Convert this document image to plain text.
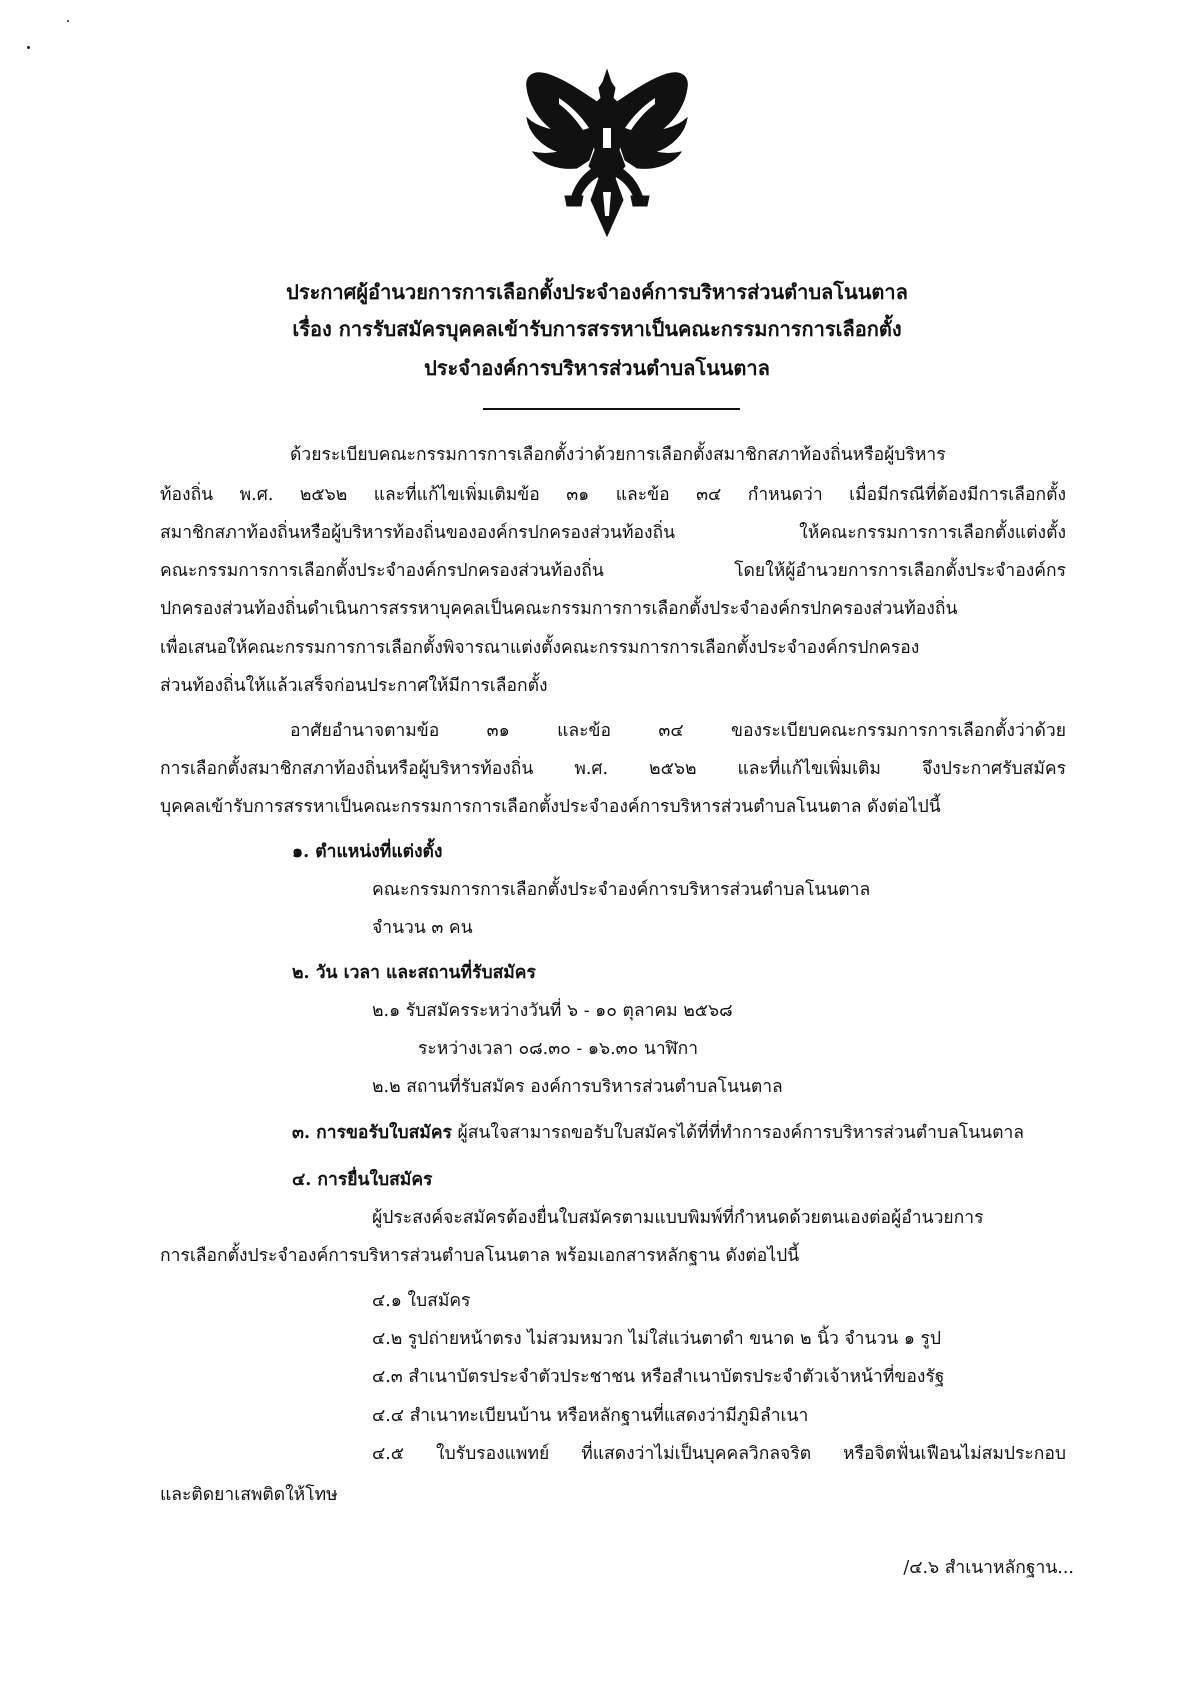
ประกาศผู้อำนวยการการเลือกตั้งประจำองค์การบริหารส่วนตำบลโนนตาล
เรื่อง การรับสมัครบุคคลเข้ารับการสรรหาเป็นคณะกรรมการการเลือกตั้ง
ประจำองค์การบริหารส่วนตำบลโนนตาล
ด้วยระเบียบคณะกรรมการการเลือกตั้งว่าด้วยการเลือกตั้งสมาชิกสภาท้องถิ่นหรือผู้บริหาร
ท้องถิ่น พ.ศ. ๒๕๖๒ และที่แก้ไขเพิ่มเติมข้อ ๓๑ และข้อ ๓๔ กำหนดว่า เมื่อมีกรณีที่ต้องมีการเลือกตั้ง
สมาชิกสภาท้องถิ่นหรือผู้บริหารท้องถิ่นขององค์กรปกครองส่วนท้องถิ่น ให้คณะกรรมการการเลือกตั้งแต่งตั้ง
คณะกรรมการการเลือกตั้งประจำองค์กรปกครองส่วนท้องถิ่น โดยให้ผู้อำนวยการการเลือกตั้งประจำองค์กร
ปกครองส่วนท้องถิ่นดำเนินการสรรหาบุคคลเป็นคณะกรรมการการเลือกตั้งประจำองค์กรปกครองส่วนท้องถิ่น
เพื่อเสนอให้คณะกรรมการการเลือกตั้งพิจารณาแต่งตั้งคณะกรรมการการเลือกตั้งประจำองค์กรปกครอง
ส่วนท้องถิ่นให้แล้วเสร็จก่อนประกาศให้มีการเลือกตั้ง
อาศัยอำนาจตามข้อ ๓๑ และข้อ ๓๔ ของระเบียบคณะกรรมการการเลือกตั้งว่าด้วย
การเลือกตั้งสมาชิกสภาท้องถิ่นหรือผู้บริหารท้องถิ่น พ.ศ. ๒๕๖๒ และที่แก้ไขเพิ่มเติม จึงประกาศรับสมัคร
บุคคลเข้ารับการสรรหาเป็นคณะกรรมการการเลือกตั้งประจำองค์การบริหารส่วนตำบลโนนตาล ดังต่อไปนี้
๑. ตำแหน่งที่แต่งตั้ง
คณะกรรมการการเลือกตั้งประจำองค์การบริหารส่วนตำบลโนนตาล
จำนวน ๓ คน
๒. วัน เวลา และสถานที่รับสมัคร
๒.๑ รับสมัครระหว่างวันที่ ๖ - ๑๐ ตุลาคม ๒๕๖๘
ระหว่างเวลา ๐๘.๓๐ - ๑๖.๓๐ นาฬิกา
๒.๒ สถานที่รับสมัคร องค์การบริหารส่วนตำบลโนนตาล
๓. การขอรับใบสมัคร ผู้สนใจสามารถขอรับใบสมัครได้ที่ที่ทำการองค์การบริหารส่วนตำบลโนนตาล
๔. การยื่นใบสมัคร
ผู้ประสงค์จะสมัครต้องยื่นใบสมัครตามแบบพิมพ์ที่กำหนดด้วยตนเองต่อผู้อำนวยการ
การเลือกตั้งประจำองค์การบริหารส่วนตำบลโนนตาล พร้อมเอกสารหลักฐาน ดังต่อไปนี้
๔.๑ ใบสมัคร
๔.๒ รูปถ่ายหน้าตรง ไม่สวมหมวก ไม่ใส่แว่นตาดำ ขนาด ๒ นิ้ว จำนวน ๑ รูป
๔.๓ สำเนาบัตรประจำตัวประชาชน หรือสำเนาบัตรประจำตัวเจ้าหน้าที่ของรัฐ
๔.๔ สำเนาทะเบียนบ้าน หรือหลักฐานที่แสดงว่ามีภูมิลำเนา
๔.๕ ใบรับรองแพทย์ ที่แสดงว่าไม่เป็นบุคคลวิกลจริต หรือจิตฟั่นเฟือนไม่สมประกอบ
และติดยาเสพติดให้โทษ
/๔.๖ สำเนาหลักฐาน...
